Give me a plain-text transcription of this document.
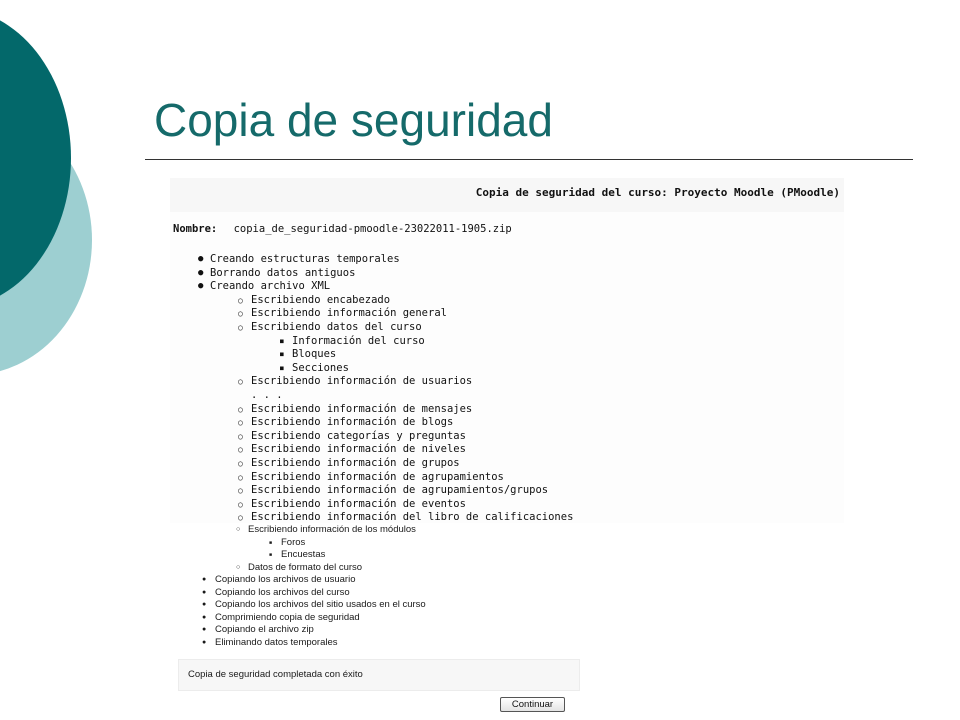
Copia de seguridad
Copia de seguridad del curso: Proyecto Moodle (PMoodle)
Nombre: copia_de_seguridad-pmoodle-23022011-1905.zip
● Creando estructuras temporales
● Borrando datos antiguos
● Creando archivo XML
○ Escribiendo encabezado
○ Escribiendo información general
○ Escribiendo datos del curso
■ Información del curso
■ Bloques
■ Secciones
○ Escribiendo información de usuarios
. . .
○ Escribiendo información de mensajes
○ Escribiendo información de blogs
○ Escribiendo categorías y preguntas
○ Escribiendo información de niveles
○ Escribiendo información de grupos
○ Escribiendo información de agrupamientos
○ Escribiendo información de agrupamientos/grupos
○ Escribiendo información de eventos
○ Escribiendo información del libro de calificaciones
○ Escribiendo información de los módulos
■ Foros
■ Encuestas
○ Datos de formato del curso
● Copiando los archivos de usuario
● Copiando los archivos del curso
● Copiando los archivos del sitio usados en el curso
● Comprimiendo copia de seguridad
● Copiando el archivo zip
● Eliminando datos temporales
Copia de seguridad completada con éxito
Continuar
